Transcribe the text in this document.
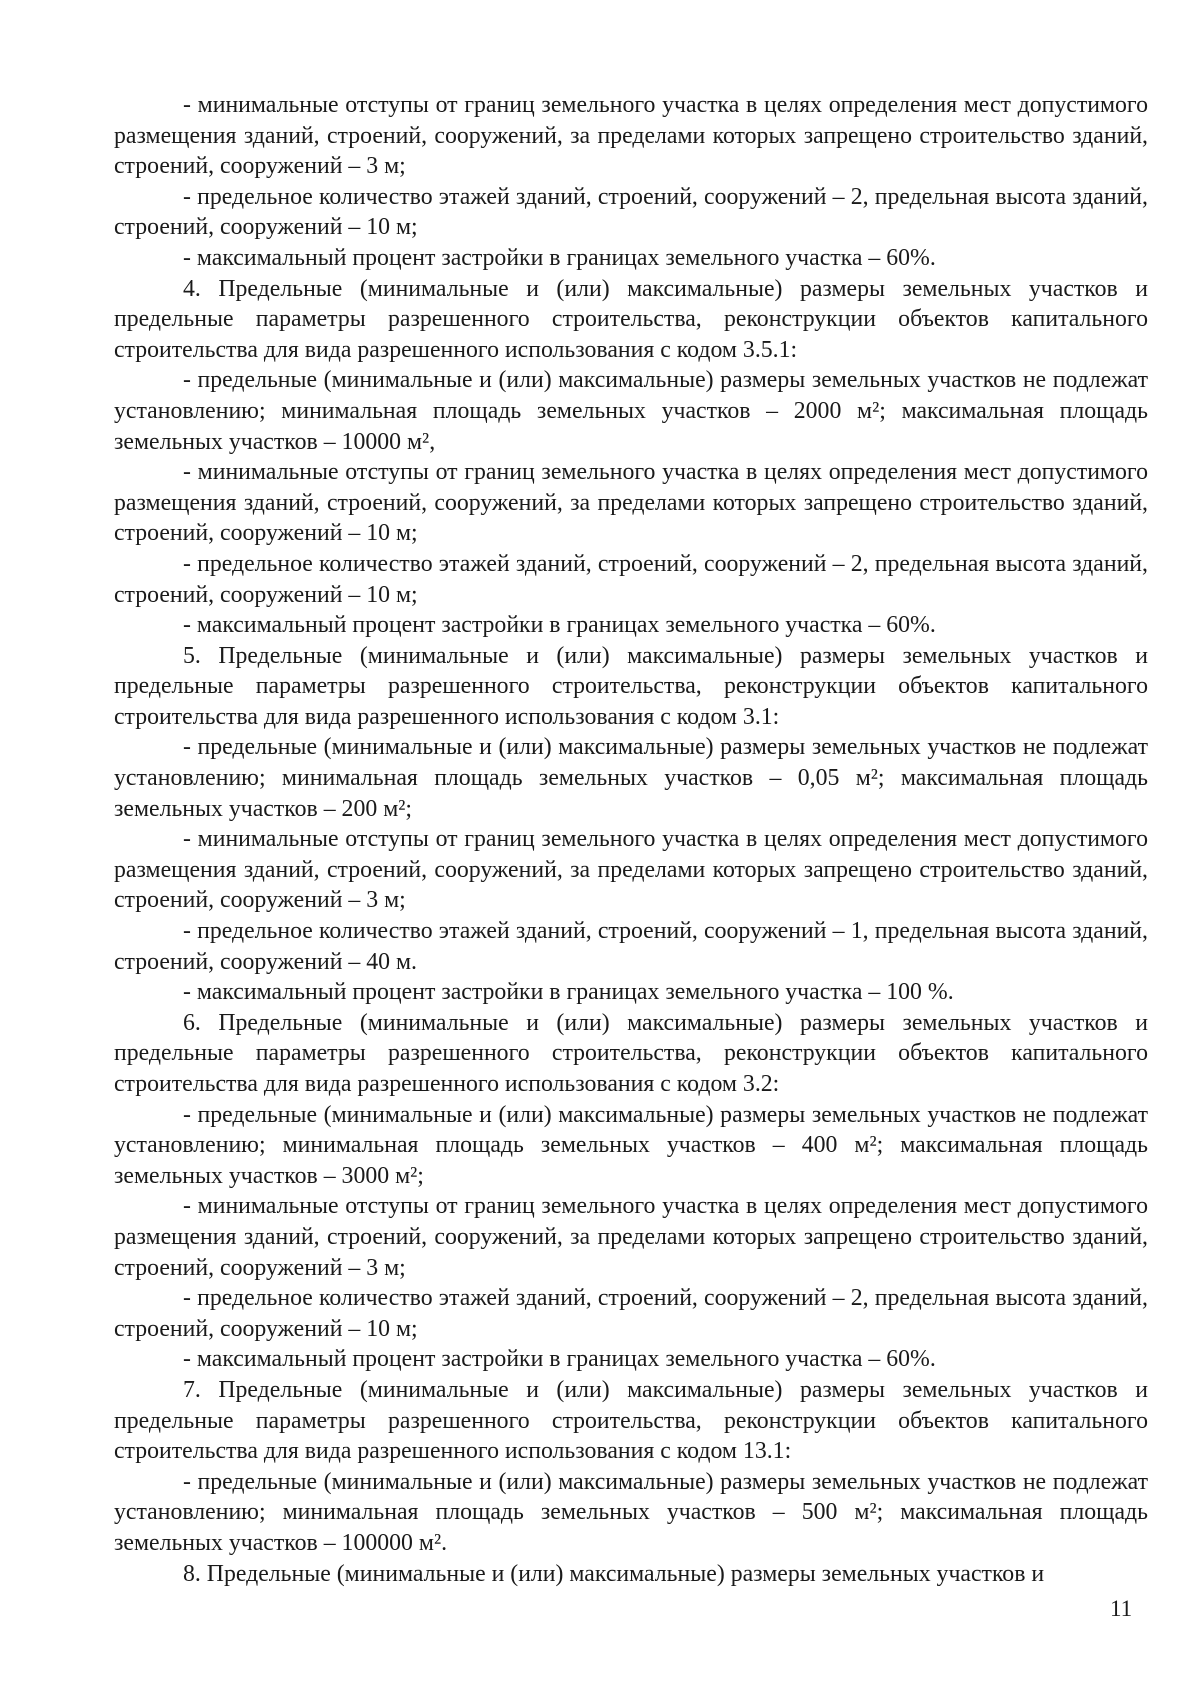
- минимальные отступы от границ земельного участка в целях определения мест допустимого размещения зданий, строений, сооружений, за пределами которых запрещено строительство зданий, строений, сооружений – 3 м;

- предельное количество этажей зданий, строений, сооружений – 2, предельная высота зданий, строений, сооружений – 10 м;

- максимальный процент застройки в границах земельного участка – 60%.

4. Предельные (минимальные и (или) максимальные) размеры земельных участков и предельные параметры разрешенного строительства, реконструкции объектов капитального строительства для вида разрешенного использования с кодом 3.5.1:

- предельные (минимальные и (или) максимальные) размеры земельных участков не подлежат установлению; минимальная площадь земельных участков – 2000 м²; максимальная площадь земельных участков – 10000 м²,

- минимальные отступы от границ земельного участка в целях определения мест допустимого размещения зданий, строений, сооружений, за пределами которых запрещено строительство зданий, строений, сооружений – 10 м;

- предельное количество этажей зданий, строений, сооружений – 2, предельная высота зданий, строений, сооружений – 10 м;

- максимальный процент застройки в границах земельного участка – 60%.

5. Предельные (минимальные и (или) максимальные) размеры земельных участков и предельные параметры разрешенного строительства, реконструкции объектов капитального строительства для вида разрешенного использования с кодом 3.1:

- предельные (минимальные и (или) максимальные) размеры земельных участков не подлежат установлению; минимальная площадь земельных участков – 0,05 м²; максимальная площадь земельных участков – 200 м²;

- минимальные отступы от границ земельного участка в целях определения мест допустимого размещения зданий, строений, сооружений, за пределами которых запрещено строительство зданий, строений, сооружений – 3 м;

- предельное количество этажей зданий, строений, сооружений – 1, предельная высота зданий, строений, сооружений – 40 м.

- максимальный процент застройки в границах земельного участка – 100 %.

6. Предельные (минимальные и (или) максимальные) размеры земельных участков и предельные параметры разрешенного строительства, реконструкции объектов капитального строительства для вида разрешенного использования с кодом 3.2:

- предельные (минимальные и (или) максимальные) размеры земельных участков не подлежат установлению; минимальная площадь земельных участков – 400 м²; максимальная площадь земельных участков – 3000 м²;

- минимальные отступы от границ земельного участка в целях определения мест допустимого размещения зданий, строений, сооружений, за пределами которых запрещено строительство зданий, строений, сооружений – 3 м;

- предельное количество этажей зданий, строений, сооружений – 2, предельная высота зданий, строений, сооружений – 10 м;

- максимальный процент застройки в границах земельного участка – 60%.

7. Предельные (минимальные и (или) максимальные) размеры земельных участков и предельные параметры разрешенного строительства, реконструкции объектов капитального строительства для вида разрешенного использования с кодом 13.1:

- предельные (минимальные и (или) максимальные) размеры земельных участков не подлежат установлению; минимальная площадь земельных участков – 500 м²; максимальная площадь земельных участков – 100000 м².

8. Предельные (минимальные и (или) максимальные) размеры земельных участков и

11
